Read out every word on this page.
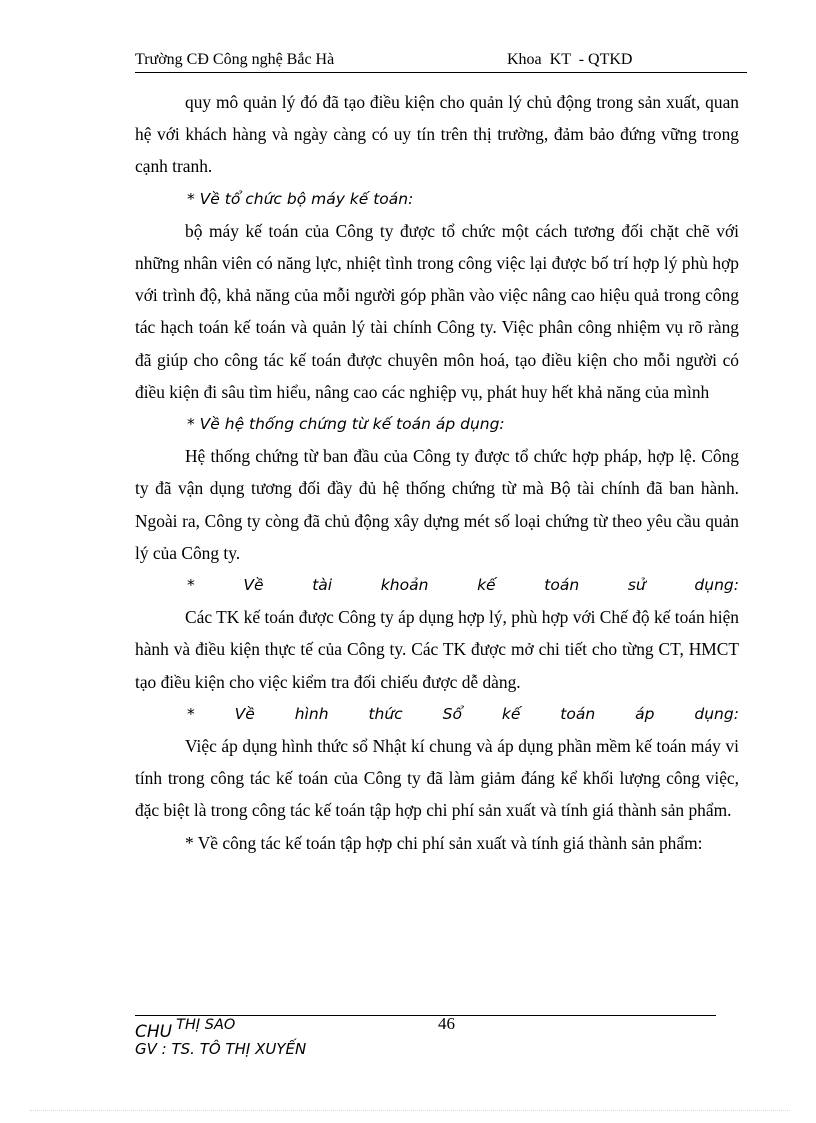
Trường CĐ Công nghệ Bắc Hà	Khoa  KT  - QTKD

quy mô quản lý đó đã tạo điều kiện cho quản lý chủ động trong sản xuất, quan hệ với khách hàng và ngày càng có uy tín trên thị trường, đảm bảo đứng vững trong cạnh tranh.

* Về tổ chức bộ máy kế toán:

bộ máy kế toán của Công ty được tổ chức một cách tương đối chặt chẽ với những nhân viên có năng lực, nhiệt tình trong công việc lại được bố trí hợp lý phù hợp với trình độ, khả năng của mỗi người góp phần vào việc nâng cao hiệu quả trong công tác hạch toán kế toán và quản lý tài chính Công ty. Việc phân công nhiệm vụ rõ ràng đã giúp cho công tác kế toán được chuyên môn hoá, tạo điều kiện cho mỗi người có điều kiện đi sâu tìm hiểu, nâng cao các nghiệp vụ, phát huy hết khả năng của mình

* Về hệ thống chứng từ kế toán áp dụng:

Hệ thống chứng từ ban đầu của Công ty được tổ chức hợp pháp, hợp lệ. Công ty đã vận dụng tương đối đầy đủ hệ thống chứng từ mà Bộ tài chính đã ban hành. Ngoài ra, Công ty còng đã chủ động xây dựng mét số loại chứng từ theo yêu cầu quản lý của Công ty.

*	Về	tài	khoản	kế	toán	sử	dụng:

Các TK kế toán được Công ty áp dụng hợp lý, phù hợp với Chế độ kế toán hiện hành và điều kiện thực tế của Công ty. Các TK được mở chi tiết cho từng CT, HMCT tạo điều kiện cho việc kiểm tra đối chiếu được dễ dàng.

*	Về	hình	thức	Sổ	kế	toán	áp	dụng:

Việc áp dụng hình thức sổ Nhật kí chung và áp dụng phần mềm kế toán máy vi tính trong công tác kế toán của Công ty đã làm giảm đáng kể khối lượng công việc, đặc biệt là trong công tác kế toán tập hợp chi phí sản xuất và tính giá thành sản phẩm.

* Về công tác kế toán tập hợp chi phí sản xuất và tính giá thành sản phẩm:

46
CHU THỊ SAO
GV : TS. TÔ THỊ XUYẾN
